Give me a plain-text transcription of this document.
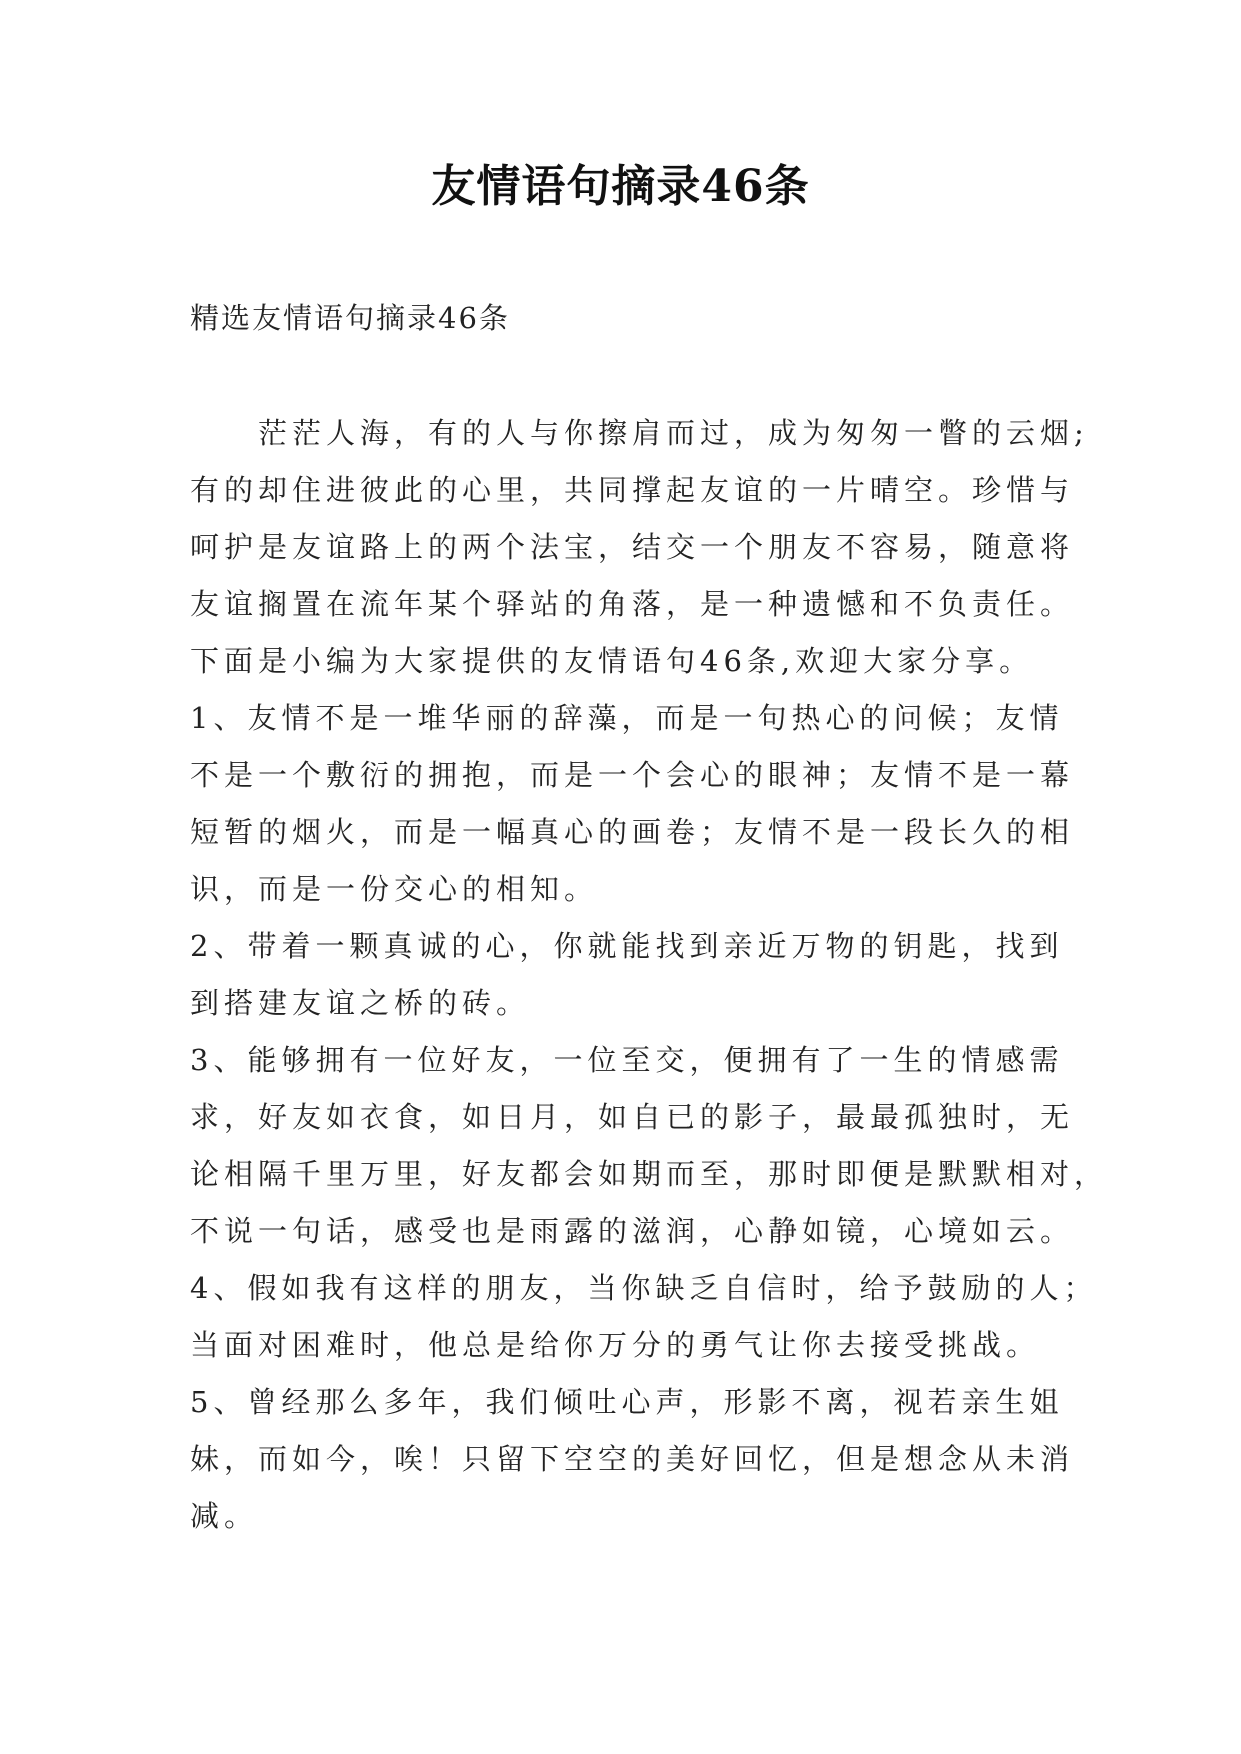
友情语句摘录46条
精选友情语句摘录46条
茫茫人海，有的人与你擦肩而过，成为匆匆一瞥的云烟;
有的却住进彼此的心里，共同撑起友谊的一片晴空。珍惜与
呵护是友谊路上的两个法宝，结交一个朋友不容易，随意将
友谊搁置在流年某个驿站的角落，是一种遗憾和不负责任。
下面是小编为大家提供的友情语句46条,欢迎大家分享。
1、友情不是一堆华丽的辞藻，而是一句热心的问候；友情
不是一个敷衍的拥抱，而是一个会心的眼神；友情不是一幕
短暂的烟火，而是一幅真心的画卷；友情不是一段长久的相
识，而是一份交心的相知。
2、带着一颗真诚的心，你就能找到亲近万物的钥匙，找到
到搭建友谊之桥的砖。
3、能够拥有一位好友，一位至交，便拥有了一生的情感需
求，好友如衣食，如日月，如自已的影子，最最孤独时，无
论相隔千里万里，好友都会如期而至，那时即便是默默相对，
不说一句话，感受也是雨露的滋润，心静如镜，心境如云。
4、假如我有这样的朋友，当你缺乏自信时，给予鼓励的人；
当面对困难时，他总是给你万分的勇气让你去接受挑战。
5、曾经那么多年，我们倾吐心声，形影不离，视若亲生姐
妹，而如今，唉！只留下空空的美好回忆，但是想念从未消
减。
